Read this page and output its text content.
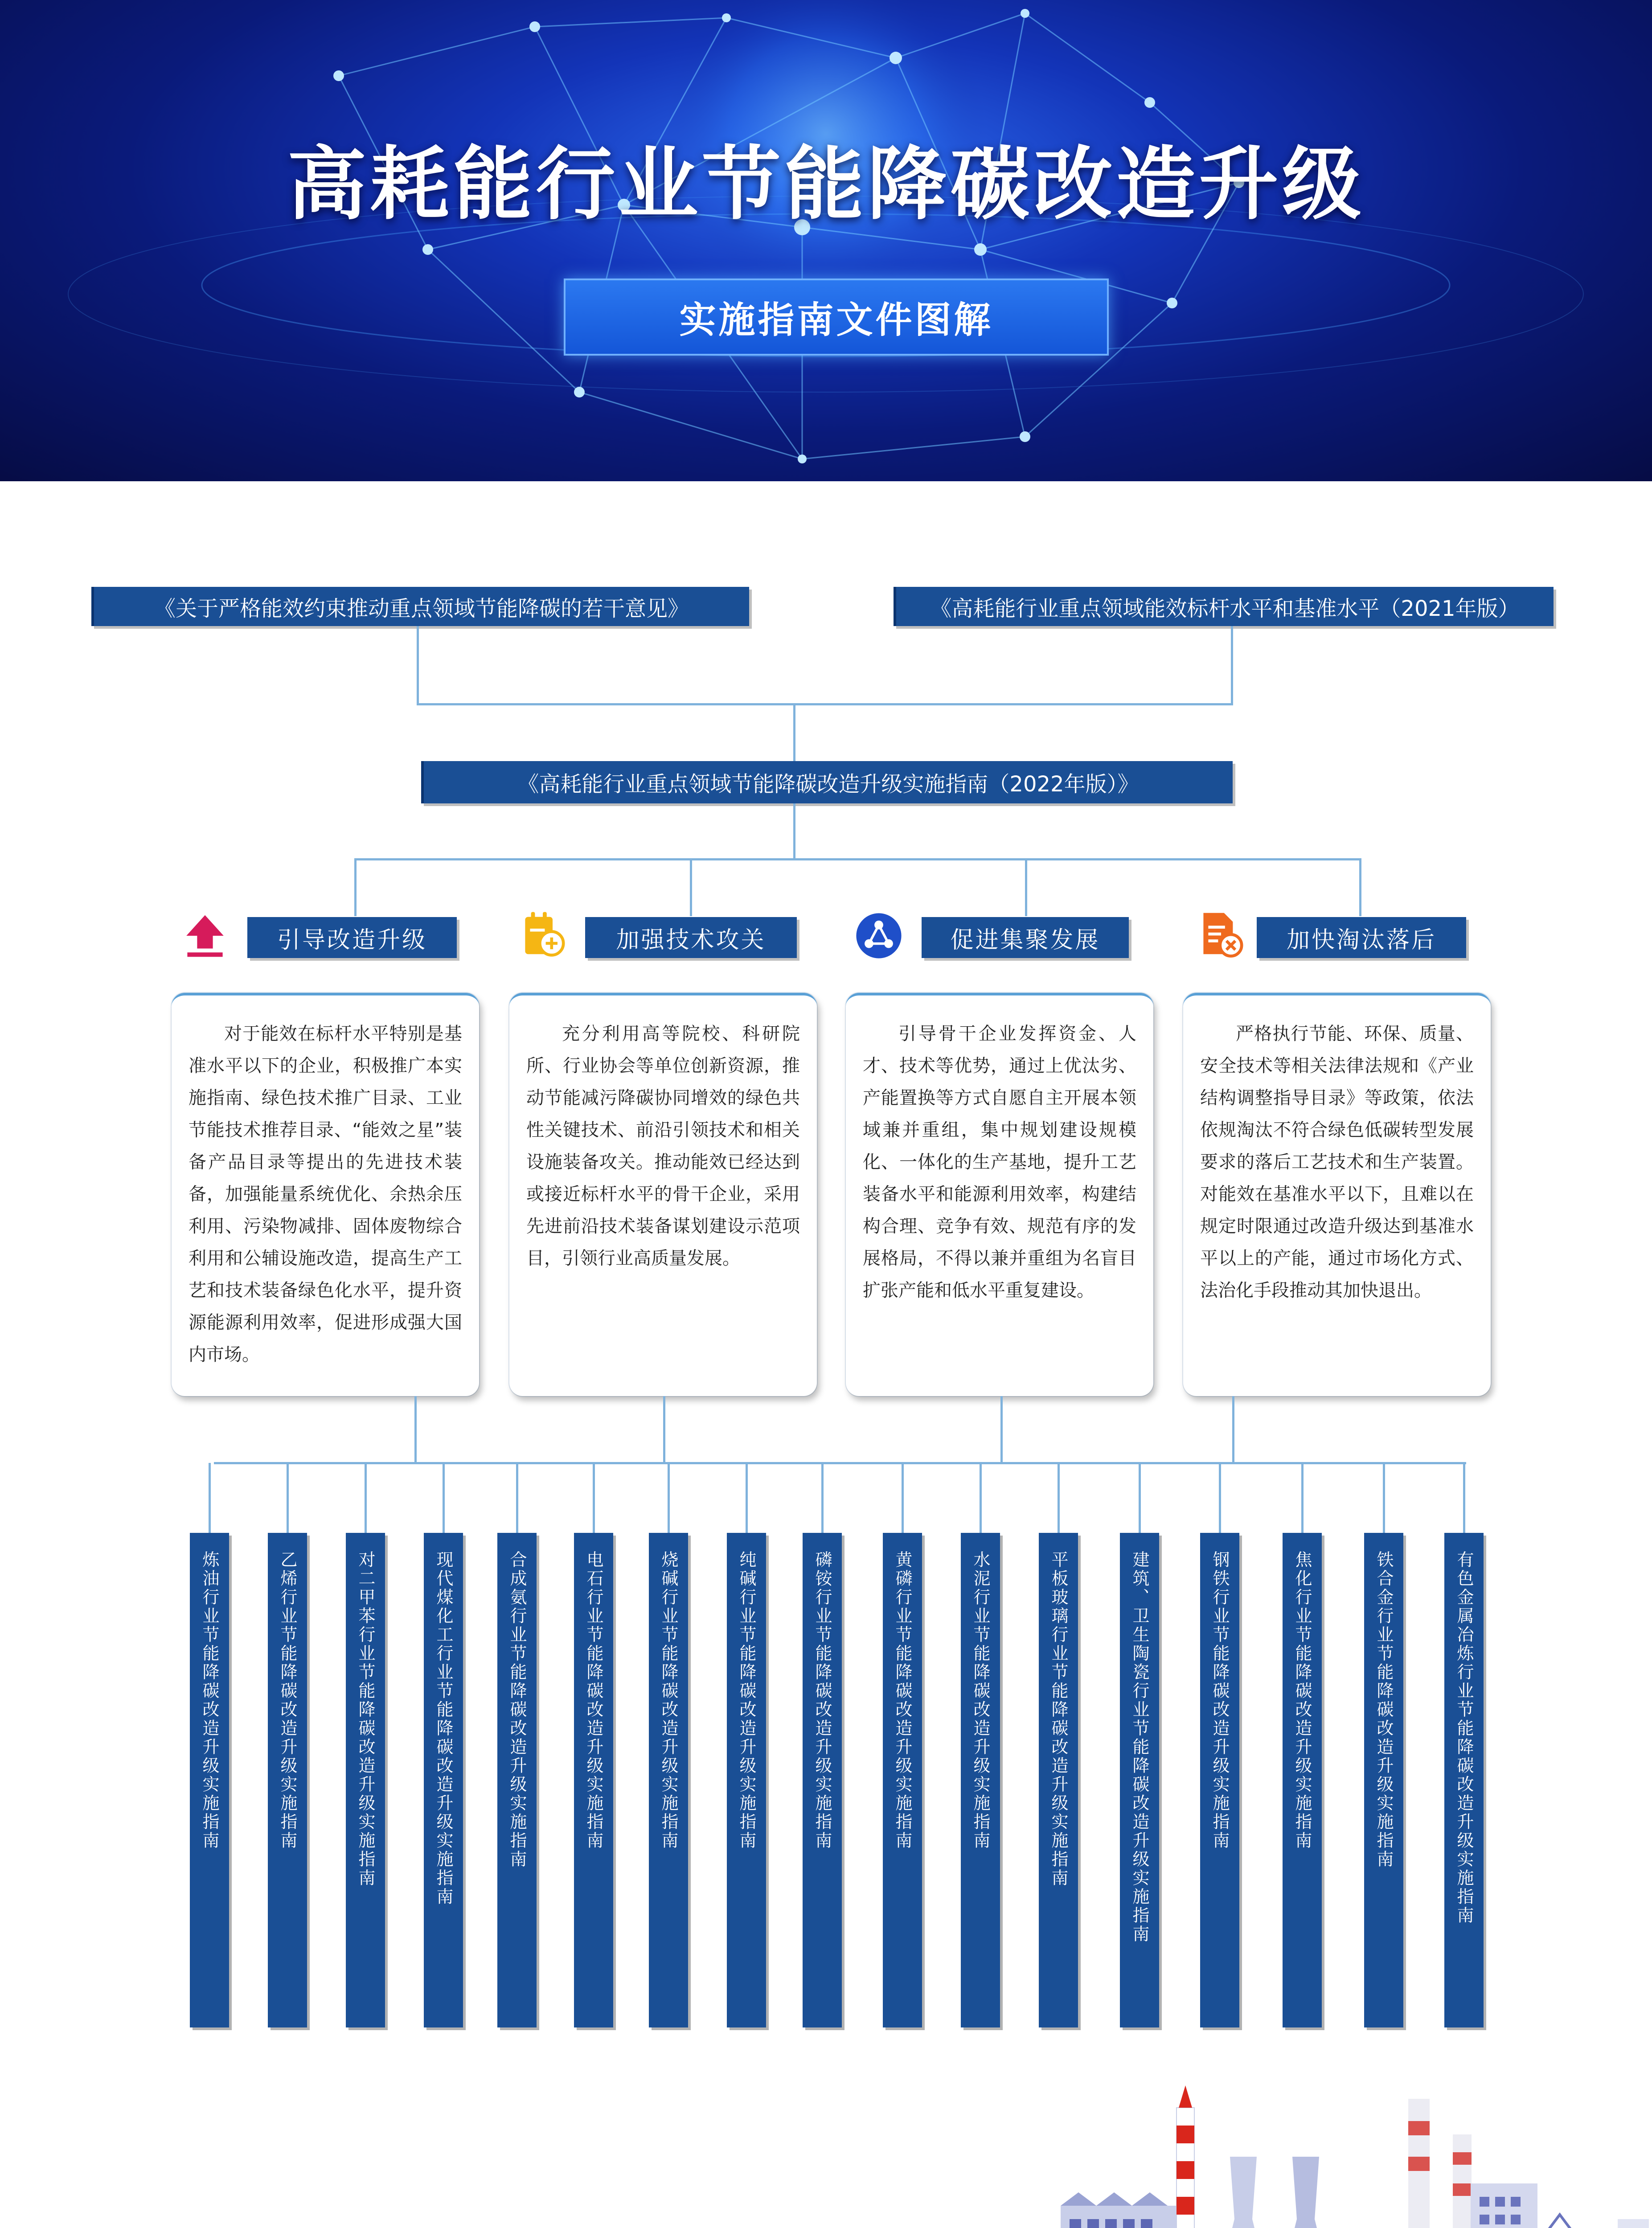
高耗能行业节能降碳改造升级
实施指南文件图解
《关于严格能效约束推动重点领域节能降碳的若干意见》	《高耗能行业重点领域能效标杆水平和基准水平（2021年版）
《高耗能行业重点领域节能降碳改造升级实施指南（2022年版）》
引导改造升级	加强技术攻关	促进集聚发展	加快淘汰落后
对于能效在标杆水平特别是基准水平以下的企业，积极推广本实施指南、绿色技术推广目录、工业节能技术推荐目录、“能效之星”装备产品目录等提出的先进技术装备，加强能量系统优化、余热余压利用、污染物减排、固体废物综合利用和公辅设施改造，提高生产工艺和技术装备绿色化水平，提升资源能源利用效率，促进形成强大国内市场。
充分利用高等院校、科研院所、行业协会等单位创新资源，推动节能减污降碳协同增效的绿色共性关键技术、前沿引领技术和相关设施装备攻关。推动能效已经达到或接近标杆水平的骨干企业，采用先进前沿技术装备谋划建设示范项目，引领行业高质量发展。
引导骨干企业发挥资金、人才、技术等优势，通过上优汰劣、产能置换等方式自愿自主开展本领域兼并重组，集中规划建设规模化、一体化的生产基地，提升工艺装备水平和能源利用效率，构建结构合理、竞争有效、规范有序的发展格局，不得以兼并重组为名盲目扩张产能和低水平重复建设。
严格执行节能、环保、质量、安全技术等相关法律法规和《产业结构调整指导目录》等政策，依法依规淘汰不符合绿色低碳转型发展要求的落后工艺技术和生产装置。对能效在基准水平以下，且难以在规定时限通过改造升级达到基准水平以上的产能，通过市场化方式、法治化手段推动其加快退出。
炼油行业节能降碳改造升级实施指南	乙烯行业节能降碳改造升级实施指南	对二甲苯行业节能降碳改造升级实施指南	现代煤化工行业节能降碳改造升级实施指南	合成氨行业节能降碳改造升级实施指南	电石行业节能降碳改造升级实施指南	烧碱行业节能降碳改造升级实施指南	纯碱行业节能降碳改造升级实施指南	磷铵行业节能降碳改造升级实施指南	黄磷行业节能降碳改造升级实施指南	水泥行业节能降碳改造升级实施指南	平板玻璃行业节能降碳改造升级实施指南	建筑、卫生陶瓷行业节能降碳改造升级实施指南	钢铁行业节能降碳改造升级实施指南	焦化行业节能降碳改造升级实施指南	铁合金行业节能降碳改造升级实施指南	有色金属冶炼行业节能降碳改造升级实施指南
